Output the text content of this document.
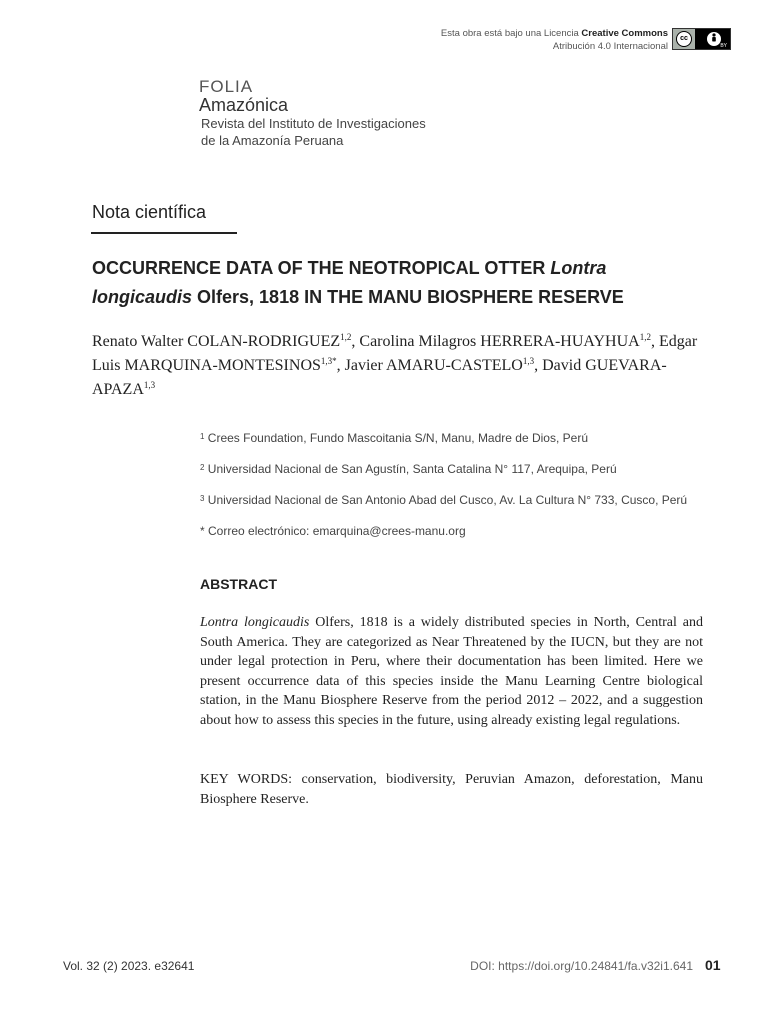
Esta obra está bajo una Licencia Creative Commons
Atribución 4.0 Internacional
cc
BY
FOLIA
Amazónica
Revista del Instituto de Investigaciones
de la Amazonía Peruana
Nota científica
OCCURRENCE DATA OF THE NEOTROPICAL OTTER Lontra longicaudis Olfers, 1818 IN THE MANU BIOSPHERE RESERVE
Renato Walter COLAN-RODRIGUEZ$^{1,2}$, Carolina Milagros HERRERA-HUAYHUA$^{1,2}$, Edgar Luis MARQUINA-$MONTESINOS^{1,3*}$, Javier AMARU-CASTELO$^{1,3}$, David GUEVARA-APAZA$^{1,3}$
$^1$ Crees Foundation, Fundo Mascoitania S/N, Manu, Madre de Dios, Perú
$^2$ Universidad Nacional de San Agustín, Santa Catalina N° 117, Arequipa, Perú
$^3$ Universidad Nacional de San Antonio Abad del Cusco, Av. La Cultura N° 733, Cusco, Perú
* Correo electrónico: emarquina@crees-manu.org
ABSTRACT
Lontra longicaudis Olfers, 1818 is a widely distributed species in North, Central and South America. They are categorized as Near Threatened by the IUCN, but they are not under legal protection in Peru, where their documentation has been limited. Here we present occurrence data of this species inside the Manu Learning Centre biological station, in the Manu Biosphere Reserve from the period 2012 – 2022, and a suggestion about how to assess this species in the future, using already existing legal regulations.
KEY WORDS: conservation, biodiversity, Peruvian Amazon, deforestation, Manu Biosphere Reserve.
Vol. 32 (2) 2023. e32641	DOI: https://doi.org/10.24841/fa.v32i1.641 01
